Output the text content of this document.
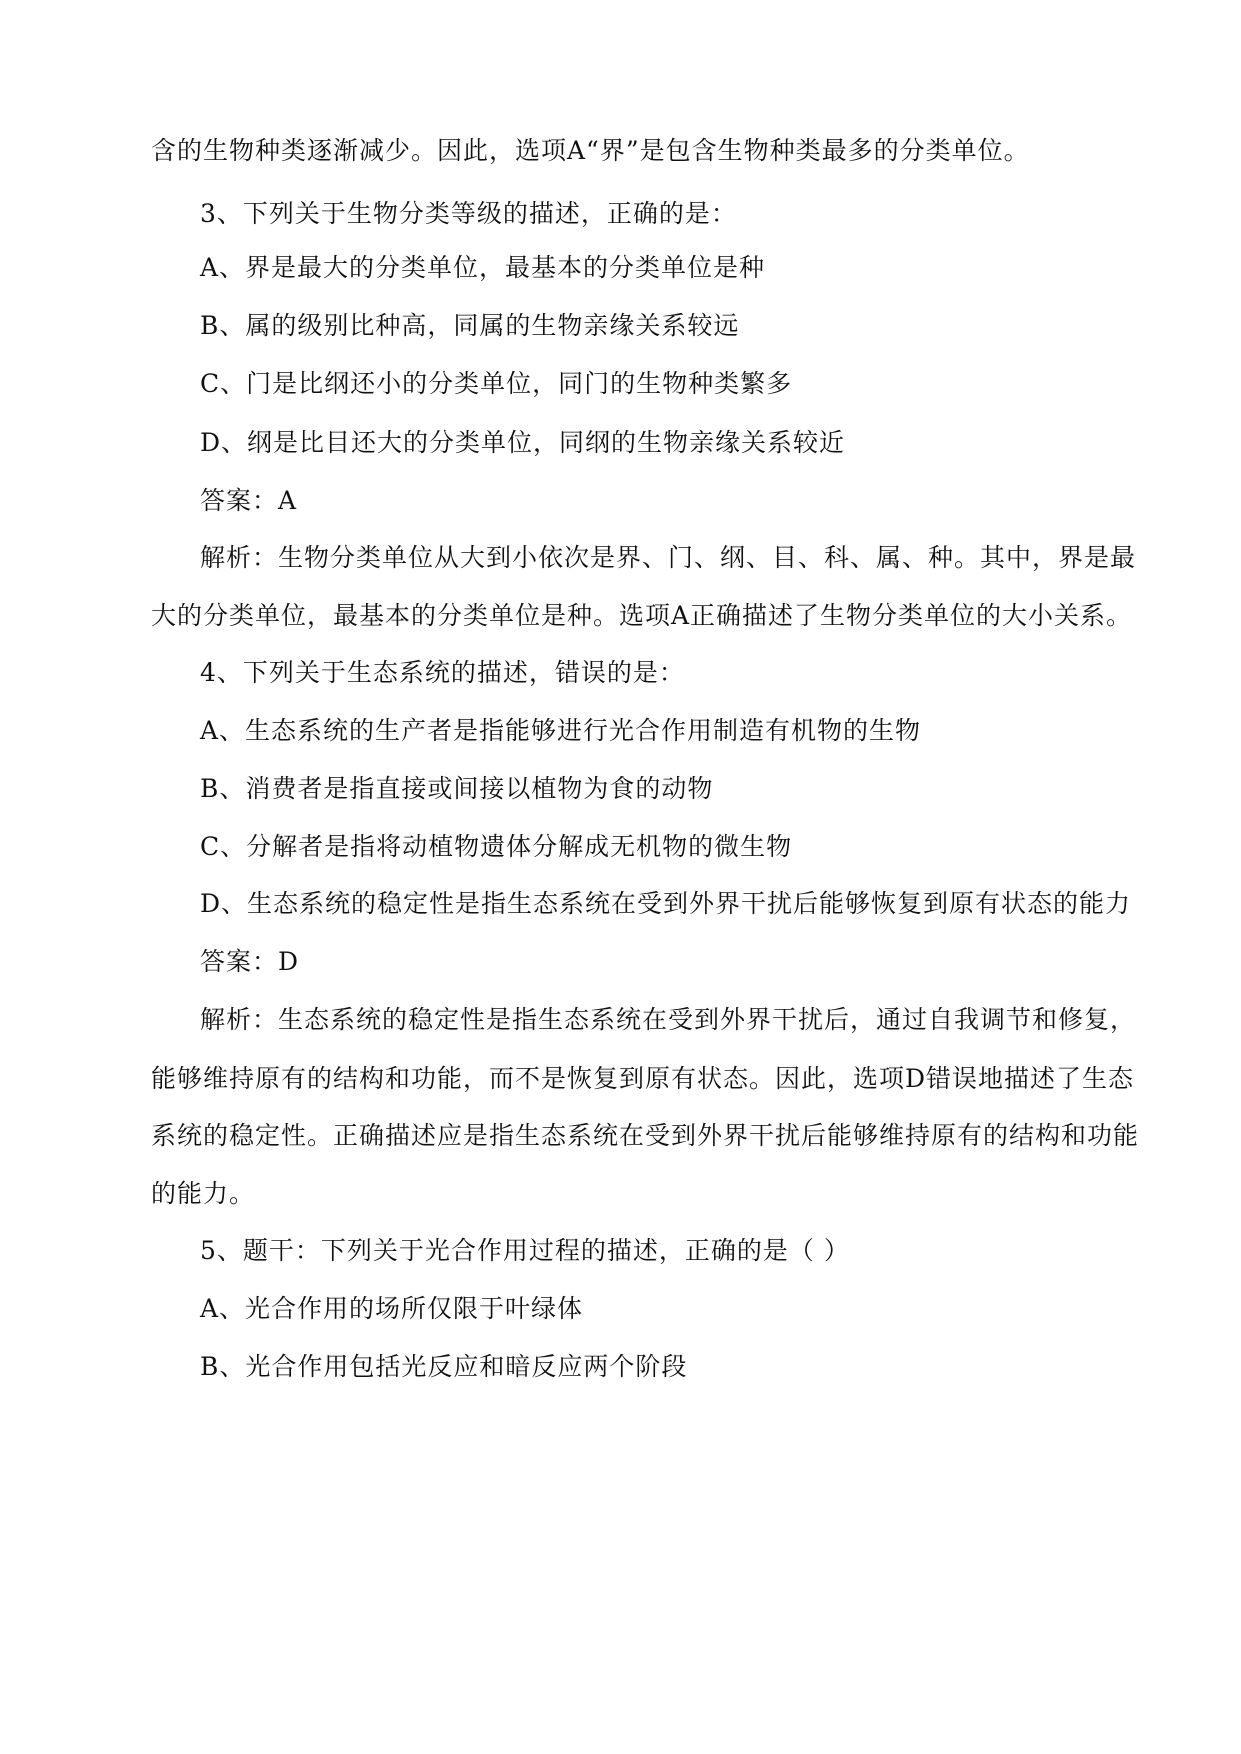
含的生物种类逐渐减少。因此，选项A“界”是包含生物种类最多的分类单位。
3、下列关于生物分类等级的描述，正确的是：
A、界是最大的分类单位，最基本的分类单位是种
B、属的级别比种高，同属的生物亲缘关系较远
C、门是比纲还小的分类单位，同门的生物种类繁多
D、纲是比目还大的分类单位，同纲的生物亲缘关系较近
答案：A
解析：生物分类单位从大到小依次是界、门、纲、目、科、属、种。其中，界是最
大的分类单位，最基本的分类单位是种。选项A正确描述了生物分类单位的大小关系。
4、下列关于生态系统的描述，错误的是：
A、生态系统的生产者是指能够进行光合作用制造有机物的生物
B、消费者是指直接或间接以植物为食的动物
C、分解者是指将动植物遗体分解成无机物的微生物
D、生态系统的稳定性是指生态系统在受到外界干扰后能够恢复到原有状态的能力
答案：D
解析：生态系统的稳定性是指生态系统在受到外界干扰后，通过自我调节和修复，
能够维持原有的结构和功能，而不是恢复到原有状态。因此，选项D错误地描述了生态
系统的稳定性。正确描述应是指生态系统在受到外界干扰后能够维持原有的结构和功能
的能力。
5、题干：下列关于光合作用过程的描述，正确的是（ ）
A、光合作用的场所仅限于叶绿体
B、光合作用包括光反应和暗反应两个阶段
